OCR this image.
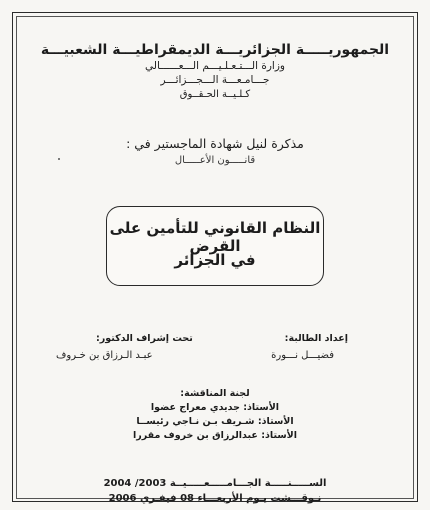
الجمهوريـــــة الجزائريـــة الديمقراطيـــة الشعبيـــة
وزارة الـــتـعـلـيـــم الـــعــــــالي
جـــامـعـــة الـــجـــزائـــر
كـلـيــة الحـقــوق
مذكرة لنيل شهادة الماجستير في :
قانـــــون الأعـــــال
النظام القانوني للتأمين على القرض
في الجزائر
إعداد الطالبة:
فضيـــل نـــورة
تحت إشراف الدكتور:
عبـد الـرزاق بن خـروف
لجنة المناقشة:
الأستاذ: جديدي معراج عضوا
الأستاذ: شـريف بـن نـاجي رئيســا
الأستاذ: عبدالرزاق بن خروف مقررا
الســـــنـــــة الجـــامـــــعـــــيــة 2003/ 2004
نـوقـــشت يـوم الأربعـــاء 08 فيفـري 2006
